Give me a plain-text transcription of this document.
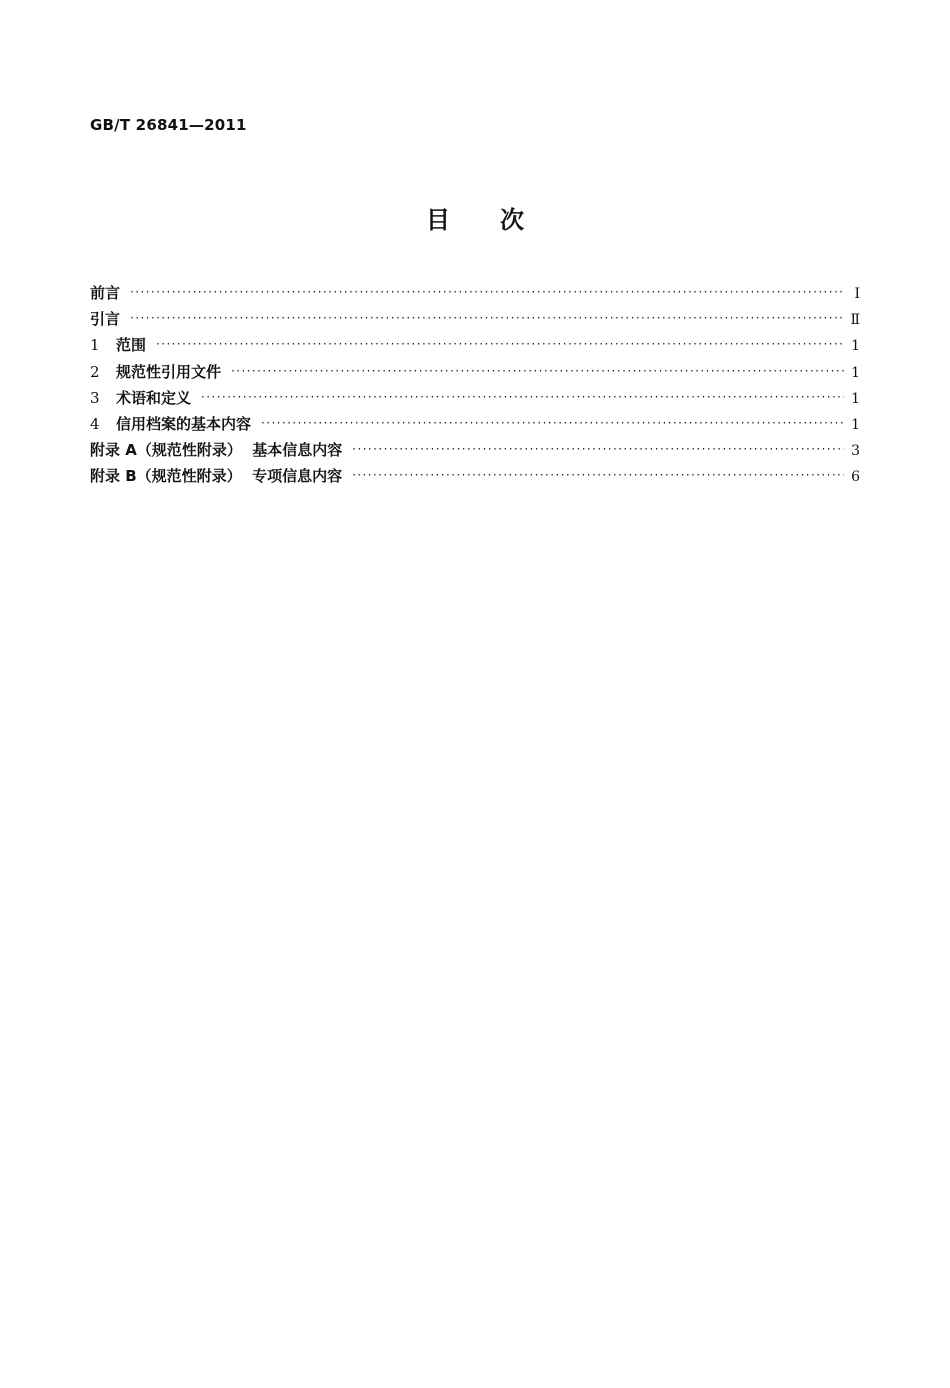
GB/T 26841—2011
目次
前言 ·····	Ⅰ
引言 ·····	Ⅱ
1 范围 ·····	1
2 规范性引用文件 ·····	1
3 术语和定义 ·····	1
4 信用档案的基本内容 ·····	1
附录 A（规范性附录）  基本信息内容 ·····	3
附录 B（规范性附录）  专项信息内容 ·····	6
